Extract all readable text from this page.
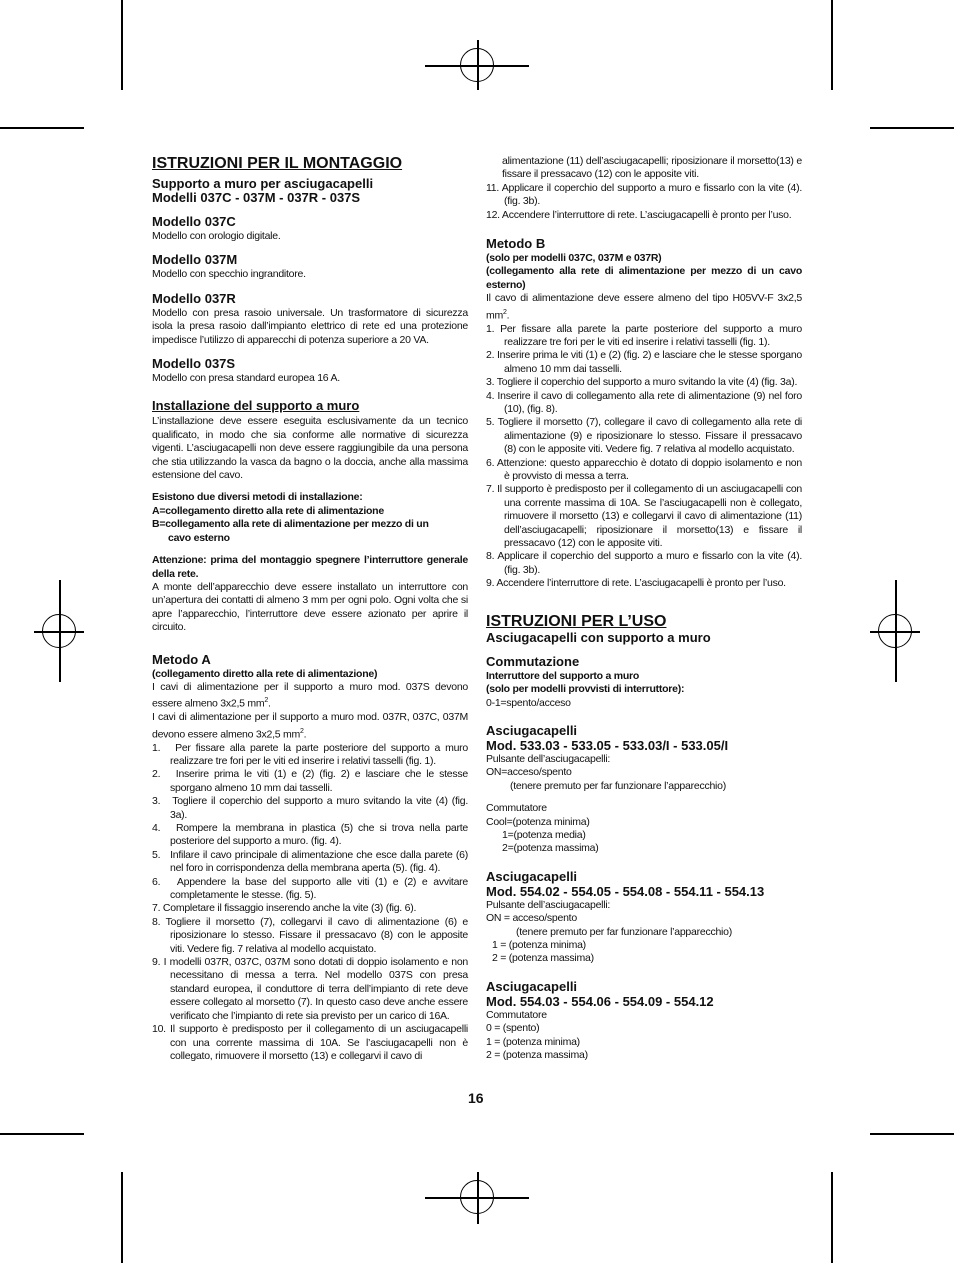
ISTRUZIONI PER IL MONTAGGIO
Supporto a muro per asciugacapelli
Modelli 037C - 037M - 037R - 037S
Modello 037C

Modello con orologio digitale.

Modello 037M

Modello con specchio ingranditore.

Modello 037R

Modello con presa rasoio universale. Un trasformatore di sicurezza isola la presa rasoio dall’impianto elettrico di rete ed una protezione impedisce l’utilizzo di apparecchi di potenza superiore a 20 VA.

Modello 037S

Modello con presa standard europea 16 A.

Installazione del supporto a muro

L’installazione deve essere eseguita esclusivamente da un tecnico qualificato, in modo che sia conforme alle normative di sicurezza vigenti. L’asciugacapelli non deve essere raggiungibile da una persona che stia utilizzando la vasca da bagno o la doccia, anche alla massima estensione del cavo.

Esistono due diversi metodi di installazione:

A=collegamento diretto alla rete di alimentazione

B=collegamento alla rete di alimentazione per mezzo di un

cavo esterno

Attenzione: prima del montaggio spegnere l’interruttore generale della rete.

A monte dell’apparecchio deve essere installato un interruttore con un’apertura dei contatti di almeno 3 mm per ogni polo. Ogni volta che si apre l’apparecchio, l’interruttore deve essere azionato per aprire il circuito.

Metodo A

(collegamento diretto alla rete di alimentazione)

I cavi di alimentazione per il supporto a muro mod. 037S devono essere almeno 3x2,5 $mm^2$.

I cavi di alimentazione per il supporto a muro mod. 037R, 037C, 037M devono essere almeno 3x2,5 $mm^2$.

1.   Per fissare alla parete la parte posteriore del supporto a muro realizzare tre fori per le viti ed inserire i relativi tasselli (fig. 1).
2.   Inserire prima le viti (1) e (2) (fig. 2) e lasciare che le stesse sporgano almeno 10 mm dai tasselli.
3.   Togliere il coperchio del supporto a muro svitando la vite (4) (fig. 3a).
4.   Rompere la membrana in plastica (5) che si trova nella parte posteriore del supporto a muro. (fig. 4).
5.   Infilare il cavo principale di alimentazione che esce dalla parete (6) nel foro in corrispondenza della membrana aperta (5). (fig. 4).
6.   Appendere la base del supporto alle viti (1) e (2) e avvitare completamente le stesse. (fig. 5).
7. Completare il fissaggio inserendo anche la vite (3) (fig. 6).
8. Togliere il morsetto (7), collegarvi il cavo di alimentazione (6) e riposizionare lo stesso. Fissare il pressacavo (8) con le apposite viti. Vedere fig. 7 relativa al modello acquistato.
9. I modelli 037R, 037C, 037M sono dotati di doppio isolamento e non necessitano di messa a terra. Nel modello 037S con presa standard europea, il conduttore di terra dell’impianto di rete deve essere collegato al morsetto (7). In questo caso deve anche essere verificato che l’impianto di rete sia previsto per un carico di 16A.
10. Il supporto è predisposto per il collegamento di un asciugacapelli con una corrente massima di 10A. Se l’asciugacapelli non è collegato, rimuovere il morsetto (13) e collegarvi il cavo di

alimentazione (11) dell’asciugacapelli; riposizionare il morsetto(13) e fissare il pressacavo (12) con le apposite viti.

11. Applicare il coperchio del supporto a muro e fissarlo con la vite (4). (fig. 3b).
12. Accendere l’interruttore di rete. L’asciugacapelli è pronto per l’uso.
Metodo B

(solo per modelli 037C, 037M e 037R)

(collegamento alla rete di alimentazione per mezzo di un cavo esterno)

Il cavo di alimentazione deve essere almeno del tipo H05VV-F 3x2,5 $mm^2$.

1. Per fissare alla parete la parte posteriore del supporto a muro realizzare tre fori per le viti ed inserire i relativi tasselli (fig. 1).
2. Inserire prima le viti (1) e (2) (fig. 2) e lasciare che le stesse sporgano almeno 10 mm dai tasselli.
3. Togliere il coperchio del supporto a muro svitando la vite (4) (fig. 3a).
4. Inserire il cavo di collegamento alla rete di alimentazione (9) nel foro (10), (fig. 8).
5. Togliere il morsetto (7), collegare il cavo di collegamento alla rete di alimentazione (9) e riposizionare lo stesso. Fissare il pressacavo (8) con le apposite viti. Vedere fig. 7 relativa al modello acquistato.
6. Attenzione: questo apparecchio è dotato di doppio isolamento e non è provvisto di messa a terra.
7. Il supporto è predisposto per il collegamento di un asciugacapelli con una corrente massima di 10A. Se l’asciugacapelli non è collegato, rimuovere il morsetto (13) e collegarvi il cavo di alimentazione (11) dell’asciugacapelli; riposizionare il morsetto(13) e fissare il pressacavo (12) con le apposite viti.
8. Applicare il coperchio del supporto a muro e fissarlo con la vite (4). (fig. 3b).
9. Accendere l’interruttore di rete. L’asciugacapelli è pronto per l’uso.
ISTRUZIONI PER L’USO
Asciugacapelli con supporto a muro
Commutazione

Interruttore del supporto a muro

(solo per modelli provvisti di interruttore):

0-1=spento/acceso

Asciugacapelli
Mod. 533.03 - 533.05 - 533.03/I - 533.05/I

Pulsante dell’asciugacapelli:

ON=acceso/spento

(tenere premuto per far funzionare l’apparecchio)

Commutatore

Cool=(potenza minima)

1=(potenza media)

2=(potenza massima)

Asciugacapelli
Mod. 554.02 - 554.05 - 554.08 - 554.11 - 554.13

Pulsante dell’asciugacapelli:

ON = acceso/spento

(tenere premuto per far funzionare l’apparecchio)

1 = (potenza minima)

2 = (potenza massima)

Asciugacapelli
Mod. 554.03 - 554.06 - 554.09 - 554.12

Commutatore

0 = (spento)

1 = (potenza minima)

2 = (potenza massima)

16
